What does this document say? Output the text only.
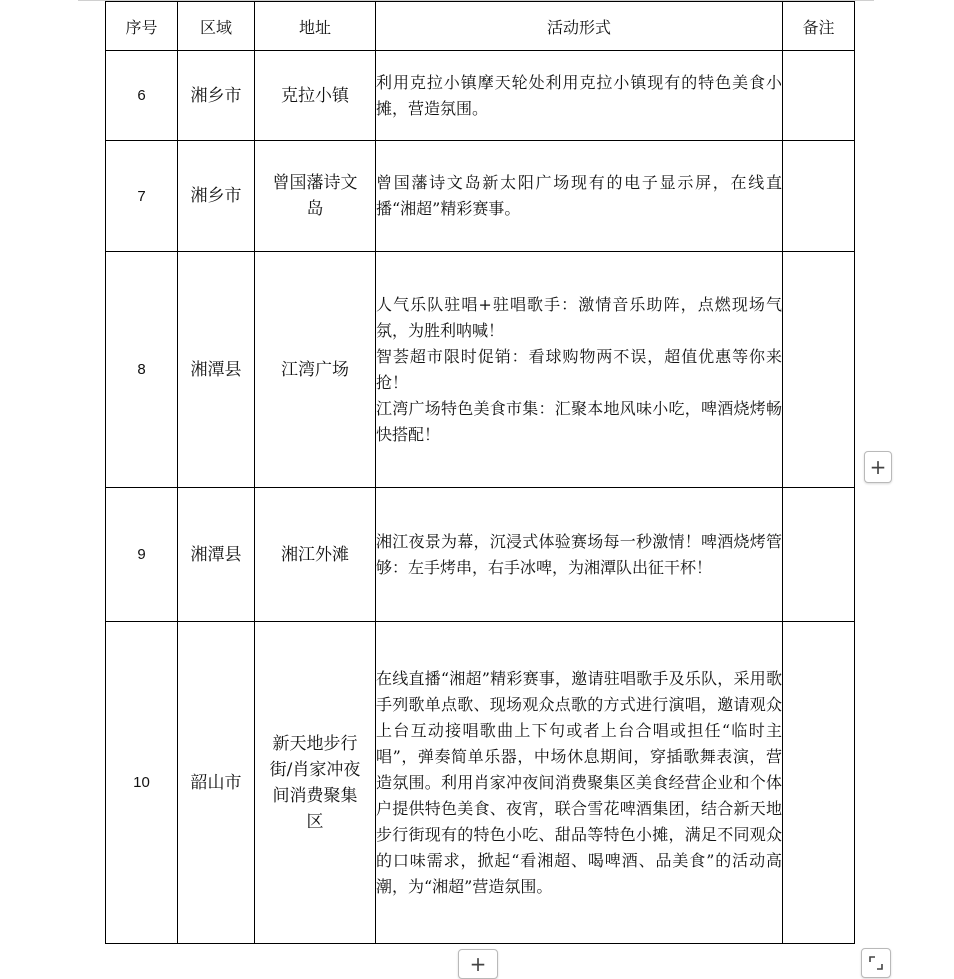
序号	区域	地址	活动形式	备注
6	湘乡市	克拉小镇	利用克拉小镇摩天轮处利用克拉小镇现有的特色美食小摊，营造氛围。	

7	湘乡市	曾国藩诗文岛	曾国藩诗文岛新太阳广场现有的电子显示屏，在线直播“湘超”精彩赛事。	

8	湘潭县	江湾广场	人气乐队驻唱+驻唱歌手：激情音乐助阵，点燃现场气氛，为胜利呐喊！
智荟超市限时促销：看球购物两不误，超值优惠等你来抢！
江湾广场特色美食市集：汇聚本地风味小吃，啤酒烧烤畅快搭配！	

9	湘潭县	湘江外滩	湘江夜景为幕，沉浸式体验赛场每一秒激情！啤酒烧烤管够：左手烤串，右手冰啤，为湘潭队出征干杯！	

10	韶山市	新天地步行街/肖家冲夜间消费聚集区	在线直播“湘超”精彩赛事，邀请驻唱歌手及乐队，采用歌手列歌单点歌、现场观众点歌的方式进行演唱，邀请观众上台互动接唱歌曲上下句或者上台合唱或担任“临时主唱”，弹奏简单乐器，中场休息期间，穿插歌舞表演，营造氛围。利用肖家冲夜间消费聚集区美食经营企业和个体户提供特色美食、夜宵，联合雪花啤酒集团，结合新天地步行街现有的特色小吃、甜品等特色小摊，满足不同观众的口味需求，掀起“看湘超、喝啤酒、品美食”的活动高潮，为“湘超”营造氛围。	

+
+
